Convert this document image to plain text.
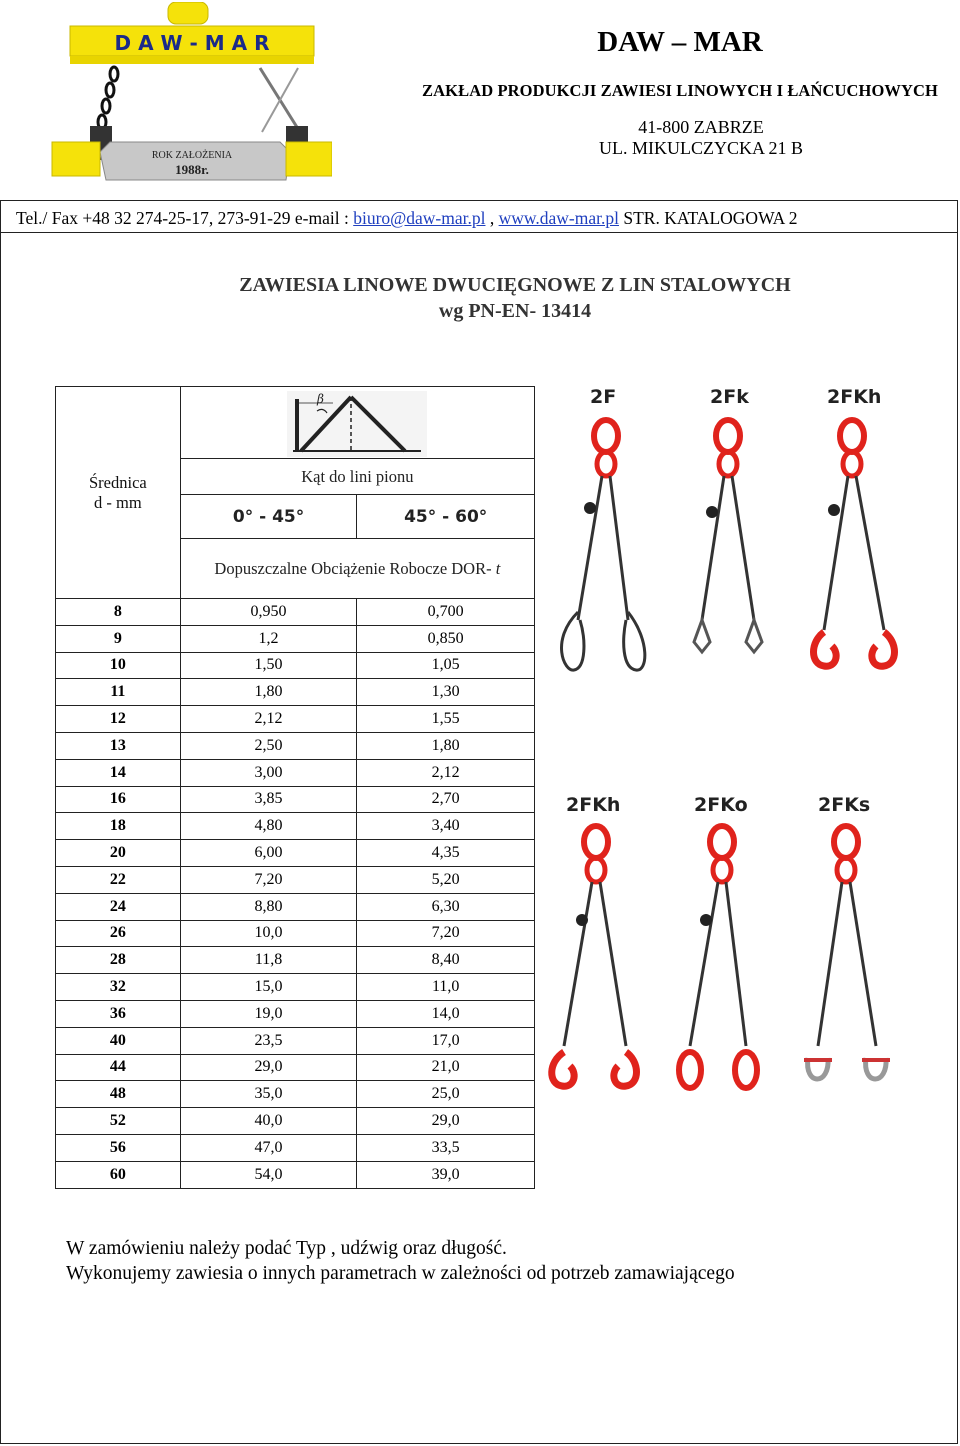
D A W - M A R
ROK ZAŁOŻENIA
1988r.
DAW – MAR
ZAKŁAD PRODUKCJI ZAWIESI LINOWYCH I ŁAŃCUCHOWYCH
41-800 ZABRZE
UL. MIKULCZYCKA 21 B
Tel./ Fax +48 32 274-25-17, 273-91-29 e-mail : biuro@daw-mar.pl , www.daw-mar.pl STR. KATALOGOWA 2
ZAWIESIA LINOWE DWUCIĘGNOWE Z LIN STALOWYCH
wg PN-EN- 13414
Średnica
d - mm	β	

	Kąt do lini pionu	
	0° - 45°	45° - 60°
	Dopuszczalne Obciążenie Robocze DOR- t	
8	0,950	0,700
9	1,2	0,850
10	1,50	1,05
11	1,80	1,30
12	2,12	1,55
13	2,50	1,80
14	3,00	2,12
16	3,85	2,70
18	4,80	3,40
20	6,00	4,35
22	7,20	5,20
24	8,80	6,30
26	10,0	7,20
28	11,8	8,40
32	15,0	11,0
36	19,0	14,0
40	23,5	17,0
44	29,0	21,0
48	35,0	25,0
52	40,0	29,0
56	47,0	33,5
60	54,0	39,0
2F	2Fk	2FKh
2FKh	2FKo	2FKs
W zamówieniu należy podać Typ , udźwig oraz długość.
Wykonujemy zawiesia o innych parametrach w zależności od potrzeb zamawiającego
